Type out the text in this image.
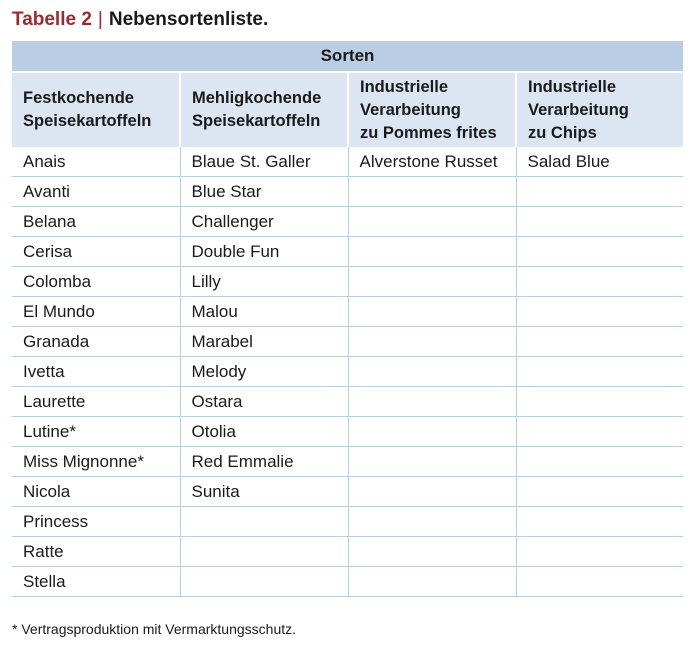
Tabelle 2 | Nebensortenliste.
Sorten			

Festkochende
Speisekartoffeln	Mehligkochende
Speisekartoffeln	Industrielle
Verarbeitung
zu Pommes frites	Industrielle
Verarbeitung
zu Chips

Anais	Blaue St. Galler	Alverstone Russet	Salad Blue
Avanti	Blue Star		
Belana	Challenger		
Cerisa	Double Fun		
Colomba	Lilly		
El Mundo	Malou		
Granada	Marabel		
Ivetta	Melody		
Laurette	Ostara		
Lutine*	Otolia		
Miss Mignonne*	Red Emmalie		
Nicola	Sunita		
Princess			
Ratte			
Stella			
* Vertragsproduktion mit Vermarktungsschutz.
